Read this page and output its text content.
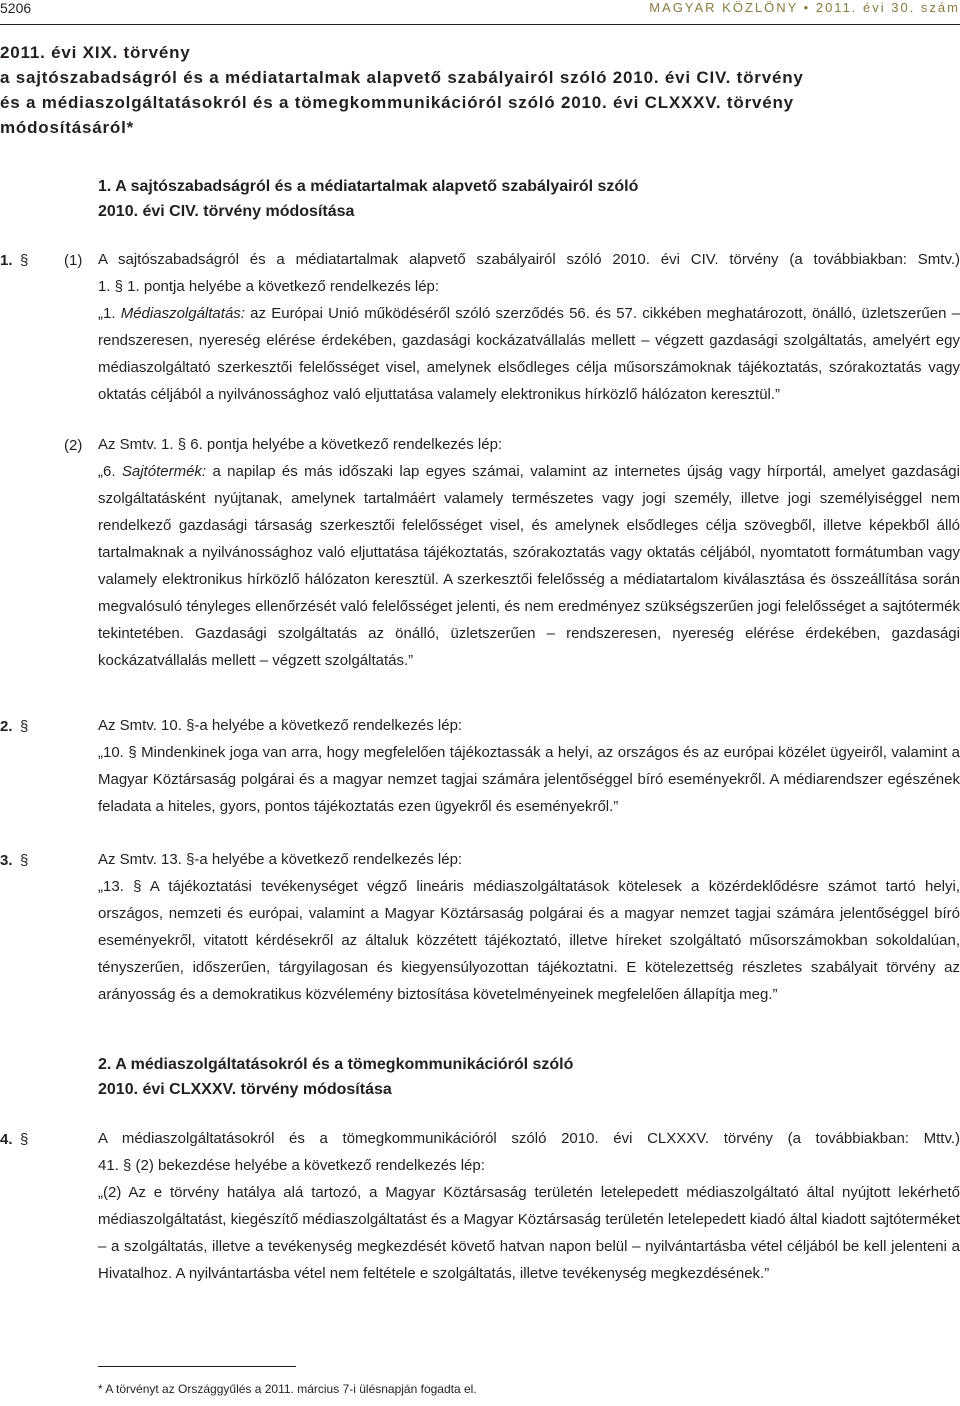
5206	MAGYAR KÖZLÖNY • 2011. évi 30. szám
2011. évi XIX. törvény
a sajtószabadságról és a médiatartalmak alapvető szabályairól szóló 2010. évi CIV. törvény
és a médiaszolgáltatásokról és a tömegkommunikációról szóló 2010. évi CLXXXV. törvény
módosításáról*
1. A sajtószabadságról és a médiatartalmak alapvető szabályairól szóló
2010. évi CIV. törvény módosítása
1. § (1) A sajtószabadságról és a médiatartalmak alapvető szabályairól szóló 2010. évi CIV. törvény (a továbbiakban: Smtv.)

1. § 1. pontja helyébe a következő rendelkezés lép:

„1. Médiaszolgáltatás: az Európai Unió működéséről szóló szerződés 56. és 57. cikkében meghatározott, önálló, üzletszerűen – rendszeresen, nyereség elérése érdekében, gazdasági kockázatvállalás mellett – végzett gazdasági szolgáltatás, amelyért egy médiaszolgáltató szerkesztői felelősséget visel, amelynek elsődleges célja műsorszámoknak tájékoztatás, szórakoztatás vagy oktatás céljából a nyilvánossághoz való eljuttatása valamely elektronikus hírközlő hálózaton keresztül.”

(2) Az Smtv. 1. § 6. pontja helyébe a következő rendelkezés lép:

„6. Sajtótermék: a napilap és más időszaki lap egyes számai, valamint az internetes újság vagy hírportál, amelyet gazdasági szolgáltatásként nyújtanak, amelynek tartalmáért valamely természetes vagy jogi személy, illetve jogi személyiséggel nem rendelkező gazdasági társaság szerkesztői felelősséget visel, és amelynek elsődleges célja szövegből, illetve képekből álló tartalmaknak a nyilvánossághoz való eljuttatása tájékoztatás, szórakoztatás vagy oktatás céljából, nyomtatott formátumban vagy valamely elektronikus hírközlő hálózaton keresztül. A szerkesztői felelősség a médiatartalom kiválasztása és összeállítása során megvalósuló tényleges ellenőrzését való felelősséget jelenti, és nem eredményez szükségszerűen jogi felelősséget a sajtótermék tekintetében. Gazdasági szolgáltatás az önálló, üzletszerűen – rendszeresen, nyereség elérése érdekében, gazdasági kockázatvállalás mellett – végzett szolgáltatás.”

2. §	Az Smtv. 10. §-a helyébe a következő rendelkezés lép:

„10. § Mindenkinek joga van arra, hogy megfelelően tájékoztassák a helyi, az országos és az európai közélet ügyeiről, valamint a Magyar Köztársaság polgárai és a magyar nemzet tagjai számára jelentőséggel bíró eseményekről. A médiarendszer egészének feladata a hiteles, gyors, pontos tájékoztatás ezen ügyekről és eseményekről.”

3. §	Az Smtv. 13. §-a helyébe a következő rendelkezés lép:

„13. § A tájékoztatási tevékenységet végző lineáris médiaszolgáltatások kötelesek a közérdeklődésre számot tartó helyi, országos, nemzeti és európai, valamint a Magyar Köztársaság polgárai és a magyar nemzet tagjai számára jelentőséggel bíró eseményekről, vitatott kérdésekről az általuk közzétett tájékoztató, illetve híreket szolgáltató műsorszámokban sokoldalúan, tényszerűen, időszerűen, tárgyilagosan és kiegyensúlyozottan tájékoztatni. E kötelezettség részletes szabályait törvény az arányosság és a demokratikus közvélemény biztosítása követelményeinek megfelelően állapítja meg.”

2. A médiaszolgáltatásokról és a tömegkommunikációról szóló
2010. évi CLXXXV. törvény módosítása
4. §	A médiaszolgáltatásokról és a tömegkommunikációról szóló 2010. évi CLXXXV. törvény (a továbbiakban: Mttv.)

41. § (2) bekezdése helyébe a következő rendelkezés lép:

„(2) Az e törvény hatálya alá tartozó, a Magyar Köztársaság területén letelepedett médiaszolgáltató által nyújtott lekérhető médiaszolgáltatást, kiegészítő médiaszolgáltatást és a Magyar Köztársaság területén letelepedett kiadó által kiadott sajtóterméket – a szolgáltatás, illetve a tevékenység megkezdését követő hatvan napon belül – nyilvántartásba vétel céljából be kell jelenteni a Hivatalhoz. A nyilvántartásba vétel nem feltétele e szolgáltatás, illetve tevékenység megkezdésének.”

* A törvényt az Országgyűlés a 2011. március 7-i ülésnapján fogadta el.
